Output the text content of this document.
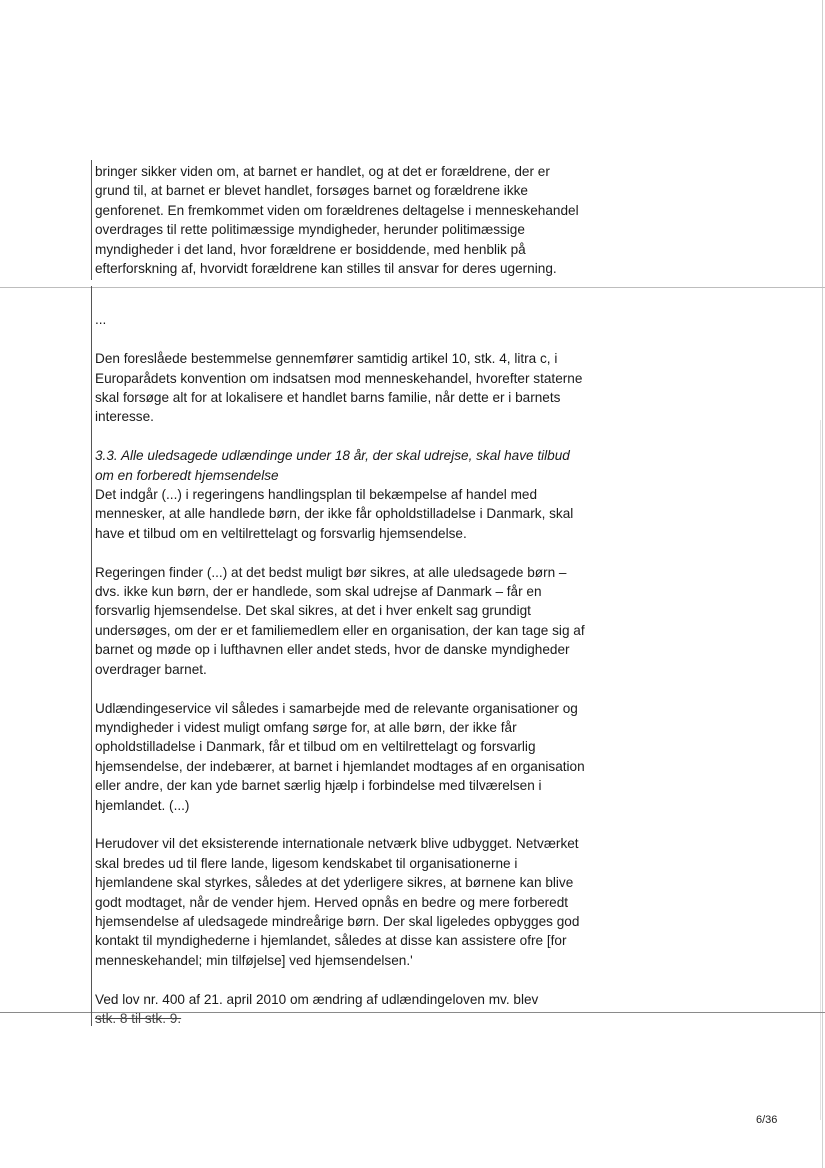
bringer sikker viden om, at barnet er handlet, og at det er forældrene, der er grund til, at barnet er blevet handlet, forsøges barnet og forældrene ikke genforenet. En fremkommet viden om forældrenes deltagelse i menneskehandel overdrages til rette politimæssige myndigheder, herunder politimæssige myndigheder i det land, hvor forældrene er bosiddende, med henblik på efterforskning af, hvorvidt forældrene kan stilles til ansvar for deres ugerning.

...

Den foreslåede bestemmelse gennemfører samtidig artikel 10, stk. 4, litra c, i Europarådets konvention om indsatsen mod menneskehandel, hvorefter staterne skal forsøge alt for at lokalisere et handlet barns familie, når dette er i barnets interesse.

3.3. Alle uledsagede udlændinge under 18 år, der skal udrejse, skal have tilbud om en forberedt hjemsendelse

Det indgår (...) i regeringens handlingsplan til bekæmpelse af handel med mennesker, at alle handlede børn, der ikke får opholdstilladelse i Danmark, skal have et tilbud om en veltilrettelagt og forsvarlig hjemsendelse.

Regeringen finder (...) at det bedst muligt bør sikres, at alle uledsagede børn – dvs. ikke kun børn, der er handlede, som skal udrejse af Danmark – får en forsvarlig hjemsendelse. Det skal sikres, at det i hver enkelt sag grundigt undersøges, om der er et familiemedlem eller en organisation, der kan tage sig af barnet og møde op i lufthavnen eller andet steds, hvor de danske myndigheder overdrager barnet.

Udlændingeservice vil således i samarbejde med de relevante organisationer og myndigheder i videst muligt omfang sørge for, at alle børn, der ikke får opholdstilladelse i Danmark, får et tilbud om en veltilrettelagt og forsvarlig hjemsendelse, der indebærer, at barnet i hjemlandet modtages af en organisation eller andre, der kan yde barnet særlig hjælp i forbindelse med tilværelsen i hjemlandet. (...)

Herudover vil det eksisterende internationale netværk blive udbygget. Netværket skal bredes ud til flere lande, ligesom kendskabet til organisationerne i hjemlandene skal styrkes, således at det yderligere sikres, at børnene kan blive godt modtaget, når de vender hjem. Herved opnås en bedre og mere forberedt hjemsendelse af uledsagede mindreårige børn. Der skal ligeledes opbygges god kontakt til myndighederne i hjemlandet, således at disse kan assistere ofre [for menneskehandel; min tilføjelse] ved hjemsendelsen.'

Ved lov nr. 400 af 21. april 2010 om ændring af udlændingeloven mv. blev

stk. 8 til stk. 9.

6/36
